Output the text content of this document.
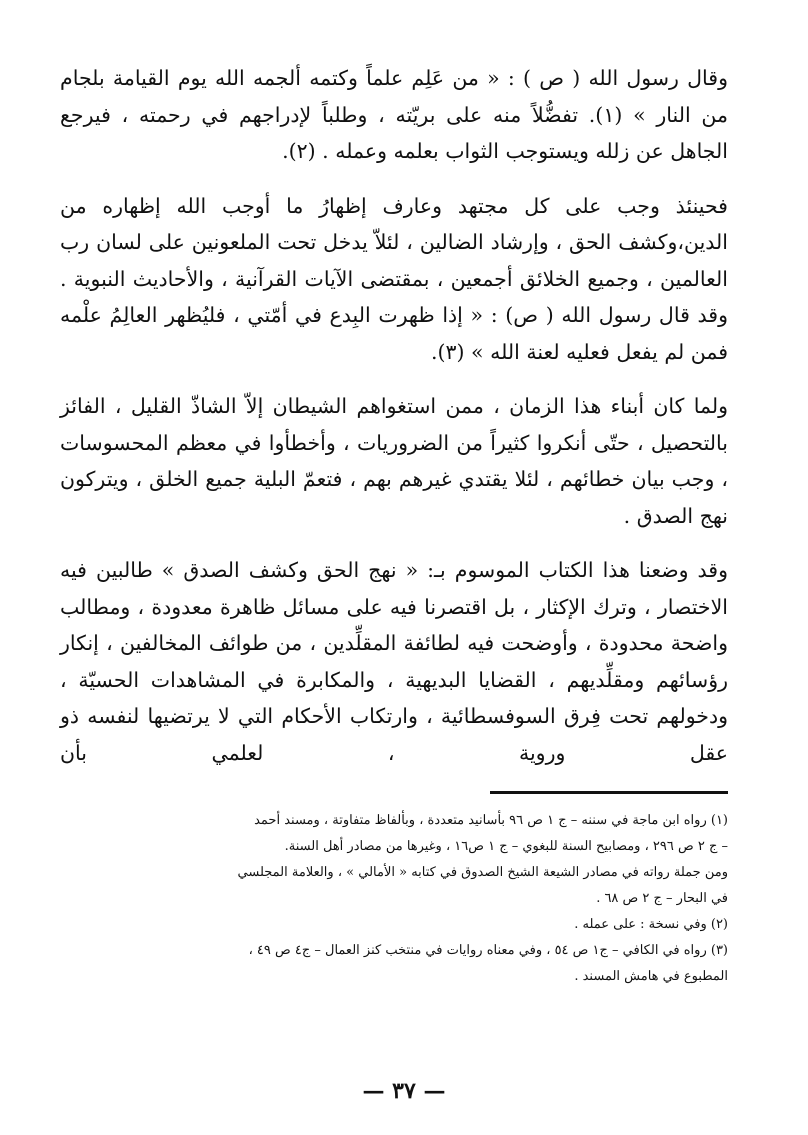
وقال رسول الله ( ص ) : « من عَلِم علماً وكتمه ألجمه الله يوم القيامة بلجام من النار » (١). تفضُّلاً منه على بريّته ، وطلباً لإدراجهم في رحمته ، فيرجع الجاهل عن زلله ويستوجب الثواب بعلمه وعمله . (٢).

فحينئذ وجب على كل مجتهد وعارف إظهارُ ما أوجب الله إظهاره من الدين،وكشف الحق ، وإرشاد الضالين ، لئلاّ يدخل تحت الملعونين على لسان رب العالمين ، وجميع الخلائق أجمعين ، بمقتضى الآيات القرآنية ، والأحاديث النبوية . وقد قال رسول الله ( ص) : « إذا ظهرت البِدع في أمّتي ، فليُظهر العالِمُ علْمه فمن لم يفعل فعليه لعنة الله » (٣).

ولما كان أبناء هذا الزمان ، ممن استغواهم الشيطان إلاّ الشاذّ القليل ، الفائز بالتحصيل ، حتّى أنكروا كثيراً من الضروريات ، وأخطأوا في معظم المحسوسات ، وجب بيان خطائهم ، لئلا يقتدي غيرهم بهم ، فتعمّ البلية جميع الخلق ، ويتركون نهج الصدق .

وقد وضعنا هذا الكتاب الموسوم بـ: « نهج الحق وكشف الصدق » طالبين فيه الاختصار ، وترك الإكثار ، بل اقتصرنا فيه على مسائل ظاهرة معدودة ، ومطالب واضحة محدودة ، وأوضحت فيه لطائفة المقلِّدين ، من طوائف المخالفين ، إنكار رؤسائهم ومقلِّديهم ، القضايا البديهية ، والمكابرة في المشاهدات الحسيّة ، ودخولهم تحت فِرق السوفسطائية ، وارتكاب الأحكام التي لا يرتضيها لنفسه ذو عقل وروية ، لعلمي بأن

(١) رواه ابن ماجة في سننه – ج ١ ص ٩٦ بأسانيد متعددة ، وبألفاظ متفاوتة ، ومسند أحمد

– ج ٢ ص ٢٩٦ ، ومصابيح السنة للبغوي – ج ١ ص١٦ ، وغيرها من مصادر أهل السنة.

ومن جملة رواته في مصادر الشيعة الشيخ الصدوق في كتابه « الأمالي » ، والعلامة المجلسي

في البحار – ج ٢ ص ٦٨ .

(٢) وفي نسخة : على عمله .

(٣) رواه في الكافي – ج١ ص ٥٤ ، وفي معناه روايات في منتخب كنز العمال – ج٤ ص ٤٩ ،

المطبوع في هامش المسند .

— ٣٧ —
